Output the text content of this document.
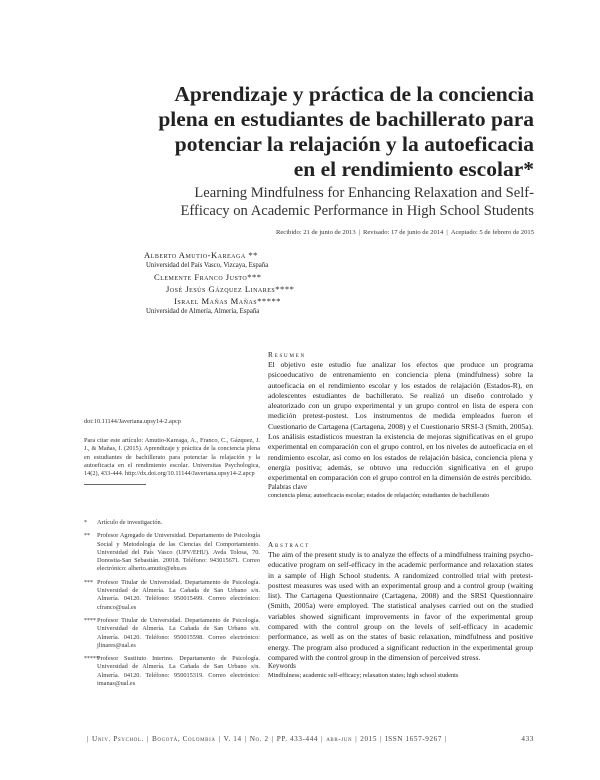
Aprendizaje y práctica de la conciencia
plena en estudiantes de bachillerato para
potenciar la relajación y la autoeficacia
en el rendimiento escolar*
Learning Mindfulness for Enhancing Relaxation and Self-
Efficacy on Academic Performance in High School Students
Recibido: 21 de junio de 2013 | Revisado: 17 de junio de 2014 | Aceptado: 5 de febrero de 2015
Alberto Amutio-Kareaga **
Universidad del País Vasco, Vizcaya, España
Clemente Franco Justo***
José Jesús Gázquez Linares****
Israel Mañas Mañas*****
Universidad de Almería, Almería, España
doi:10.11144/Javeriana.upsy14-2.apcp
Para citar este artículo: Amutio-Kareaga, A., Franco, C., Gázquez, J. J., & Mañas, I. (2015). Aprendizaje y práctica de la conciencia plena en estudiantes de bachillerato para potenciar la relajación y la autoeficacia en el rendimiento escolar. Universitas Psychologica, 14(2), 433-444. http://dx.doi.org/10.11144/Javeriana.upsy14-2.apcp
*	Artículo de investigación.
**	Profesor Agregado de Universidad. Departamento de Psicología Social y Metodología de las Ciencias del Comportamiento. Universidad del País Vasco (UPV/EHU). Avda Tolosa, 70. Donostia-San Sebastián. 20018. Teléfono: 943015671. Correo electrónico: alberto.amutio@ehu.es
*** Profesor Titular de Universidad. Departamento de Psicología. Universidad de Almería. La Cañada de San Urbano s/n. Almería. 04120. Teléfono: 950015499. Correo electrónico: cfranco@ual.es
**** Profesor Titular de Universidad. Departamento de Psicología. Universidad de Almería. La Cañada de San Urbano s/n. Almería. 04120. Teléfono: 950015598. Correo electrónico: jlinares@ual.es
*****
Profesor Sustituto Interino. Departamento de Psicología. Universidad de Almería. La Cañada de San Urbano s/n. Almería. 04120. Teléfono: 950015319. Correo electrónico: imanas@ual.es
Resumen
El objetivo este estudio fue analizar los efectos que produce un programa psicoeducativo de entrenamiento en conciencia plena (mindfulness) sobre la autoeficacia en el rendimiento escolar y los estados de relajación (Estados-R), en adolescentes estudiantes de bachillerato. Se realizó un diseño controlado y aleatorizado con un grupo experimental y un grupo control en lista de espera con medición pretest-postest. Los instrumentos de medida empleados fueron el Cuestionario de Cartagena (Cartagena, 2008) y el Cuestionario SRSI-3 (Smith, 2005a). Los análisis estadísticos muestran la existencia de mejoras significativas en el grupo experimental en comparación con el grupo control, en los niveles de autoeficacia en el rendimiento escolar, así como en los estados de relajación básica, conciencia plena y energía positiva; además, se obtuvo una reducción significativa en el grupo experimental en comparación con el grupo control en la dimensión de estrés percibido.
Palabras clave
conciencia plena; autoeficacia escolar; estados de relajación; estudiantes de bachillerato
Abstract
The aim of the present study is to analyze the effects of a mindfulness training psycho-educative program on self-efficacy in the academic performance and relaxation states in a sample of High School students. A randomized controlled trial with pretest-posttest measures was used with an experimental group and a control group (waiting list). The Cartagena Questionnaire (Cartagena, 2008) and the SRSI Questionnaire (Smith, 2005a) were employed. The statistical analyses carried out on the studied variables showed significant improvements in favor of the experimental group compared with the control group on the levels of self-efficacy in academic performance, as well as on the states of basic relaxation, mindfulness and positive energy. The program also produced a significant reduction in the experimental group compared with the control group in the dimension of perceived stress.
Keywords
Mindfulness; academic self-efficacy; relaxation states; high school students
| Univ. Psychol. | Bogotá, Colombia | V. 14 | No. 2 | PP. 433-444 | abr-jun | 2015 | ISSN 1657-9267 |	433
